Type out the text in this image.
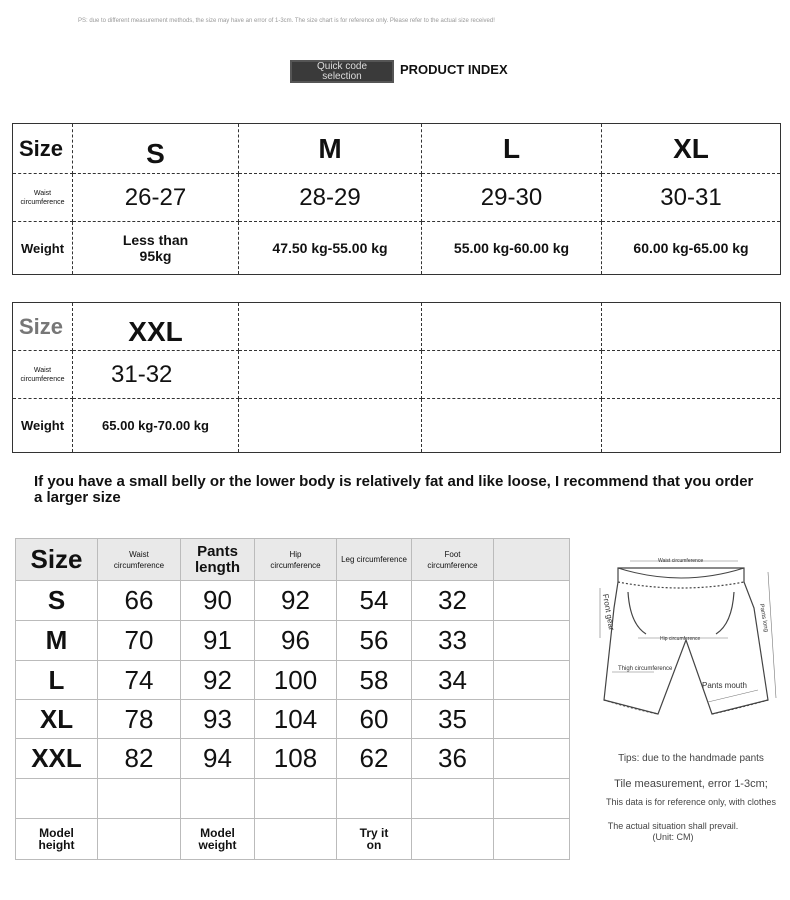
PS: due to different measurement methods, the size may have an error of 1-3cm. The size chart is for reference only. Please refer to the actual size received!
Quick code selection	PRODUCT INDEX
Size	S	M	L	XL
Waist circumference	26-27	28-29	29-30	30-31
Weight	Less than 95kg	47.50 kg-55.00 kg	55.00 kg-60.00 kg	60.00 kg-65.00 kg
Size	XXL			
Waist circumference	31-32			
Weight	65.00 kg-70.00 kg			
If you have a small belly or the lower body is relatively fat and like loose, I recommend that you order a larger size
Size	Waist circumference	Pants length	Hip circumference	Leg circumference	Foot circumference	

S	66	90	92	54	32	
M	70	91	96	56	33	
L	74	92	100	58	34	
XL	78	93	104	60	35	
XXL	82	94	108	62	36	

Model height		Model weight		Try it on		

Waist circumference
Front gear	Pants long
Hip circumference
Thigh circumference
Pants mouth
Tips: due to the handmade pants
Tile measurement, error 1-3cm;
This data is for reference only, with clothes
The actual situation shall prevail.
(Unit: CM)
